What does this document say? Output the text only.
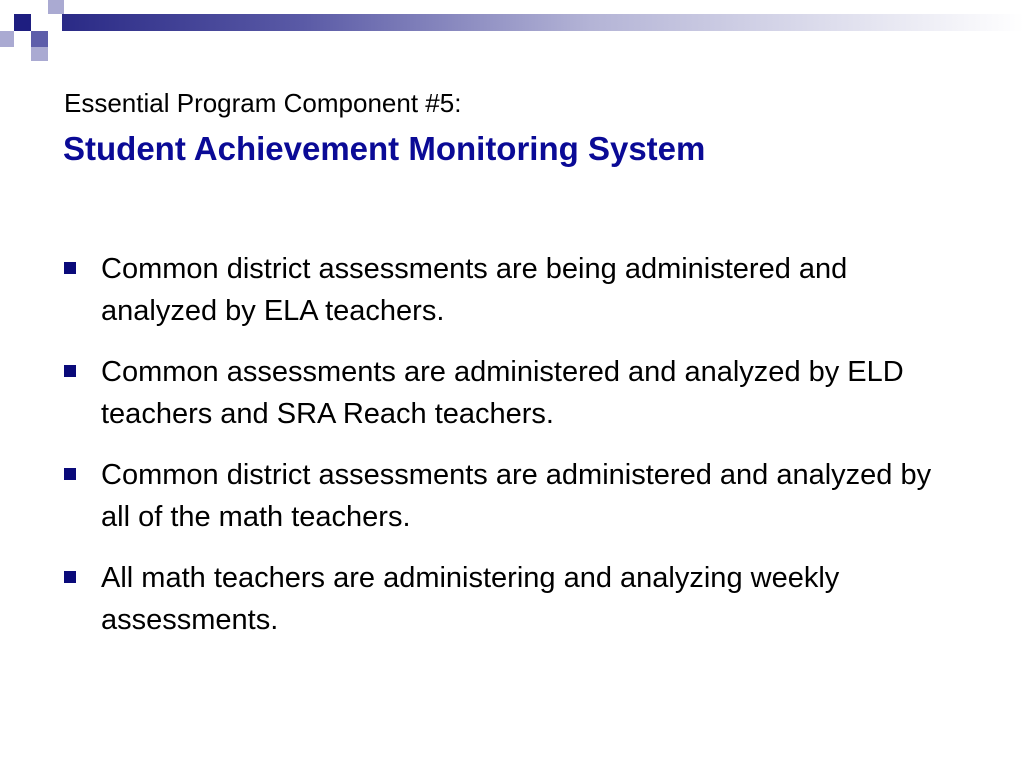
Essential Program Component #5:
Student Achievement Monitoring System
Common district assessments are being administered and analyzed by ELA teachers.
Common assessments are administered and analyzed by ELD teachers and SRA Reach teachers.
Common district assessments are administered and analyzed by all of the math teachers.
All math teachers are administering and analyzing weekly assessments.
